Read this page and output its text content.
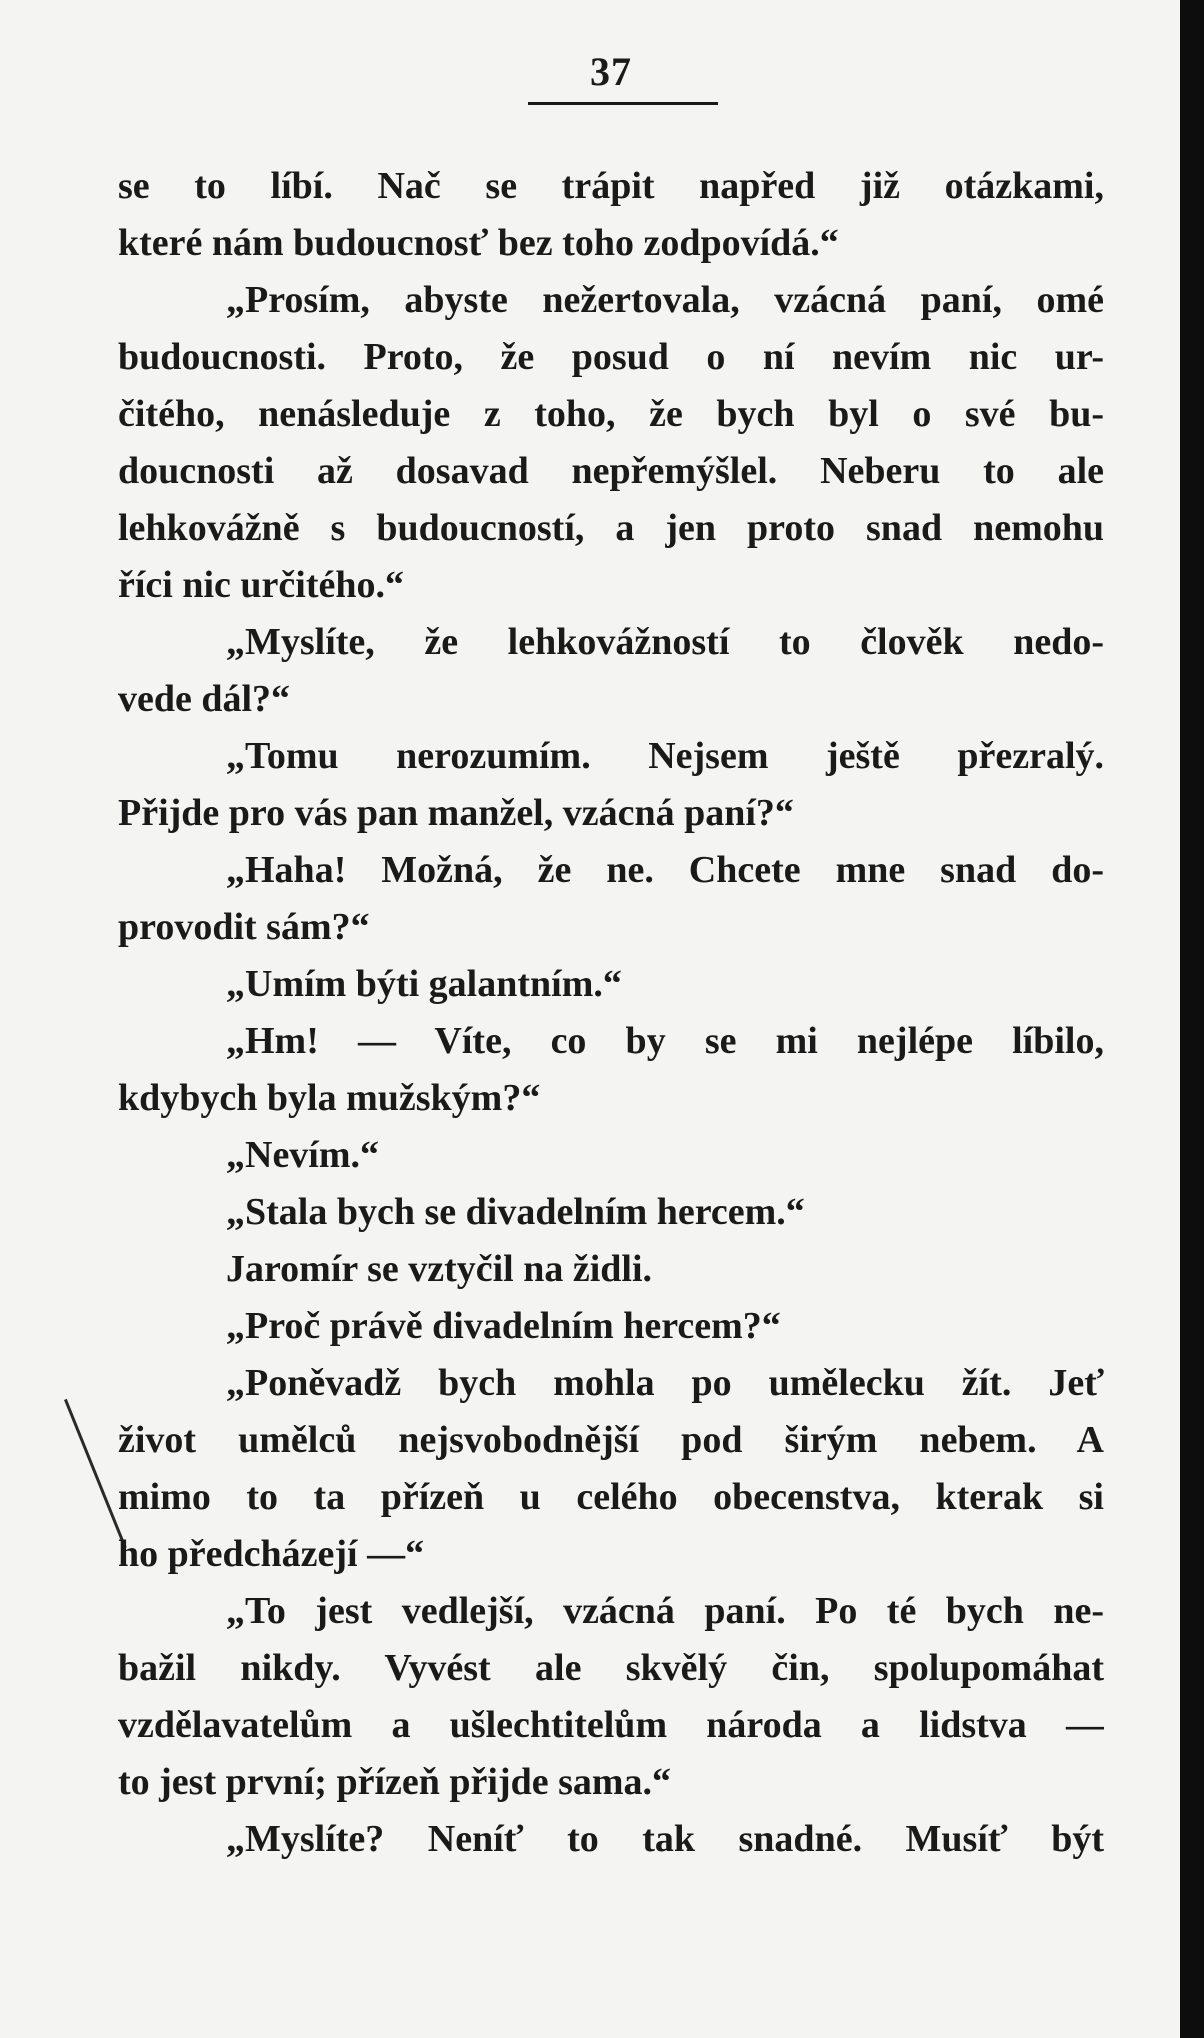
37
se to líbí. Nač se trápit napřed již otázkami,
které nám budoucnosť bez toho zodpovídá.“
„Prosím, abyste nežertovala, vzácná paní, omé
budoucnosti. Proto, že posud o ní nevím nic ur-
čitého, nenásleduje z toho, že bych byl o své bu-
doucnosti až dosavad nepřemýšlel. Neberu to ale
lehkovážně s budoucností, a jen proto snad nemohu
říci nic určitého.“
„Myslíte, že lehkovážností to člověk nedo-
vede dál?“
„Tomu nerozumím. Nejsem ještě přezralý.
Přijde pro vás pan manžel, vzácná paní?“
„Haha! Možná, že ne. Chcete mne snad do-
provodit sám?“
„Umím býti galantním.“
„Hm! — Víte, co by se mi nejlépe líbilo,
kdybych byla mužským?“
„Nevím.“
„Stala bych se divadelním hercem.“
Jaromír se vztyčil na židli.
„Proč právě divadelním hercem?“
„Poněvadž bych mohla po umělecku žít. Jeť
život umělců nejsvobodnější pod širým nebem. A
mimo to ta přízeň u celého obecenstva, kterak si
ho předcházejí —“
„To jest vedlejší, vzácná paní. Po té bych ne-
bažil nikdy. Vyvést ale skvělý čin, spolupomáhat
vzdělavatelům a ušlechtitelům národa a lidstva —
to jest první; přízeň přijde sama.“
„Myslíte? Neníť to tak snadné. Musíť být
